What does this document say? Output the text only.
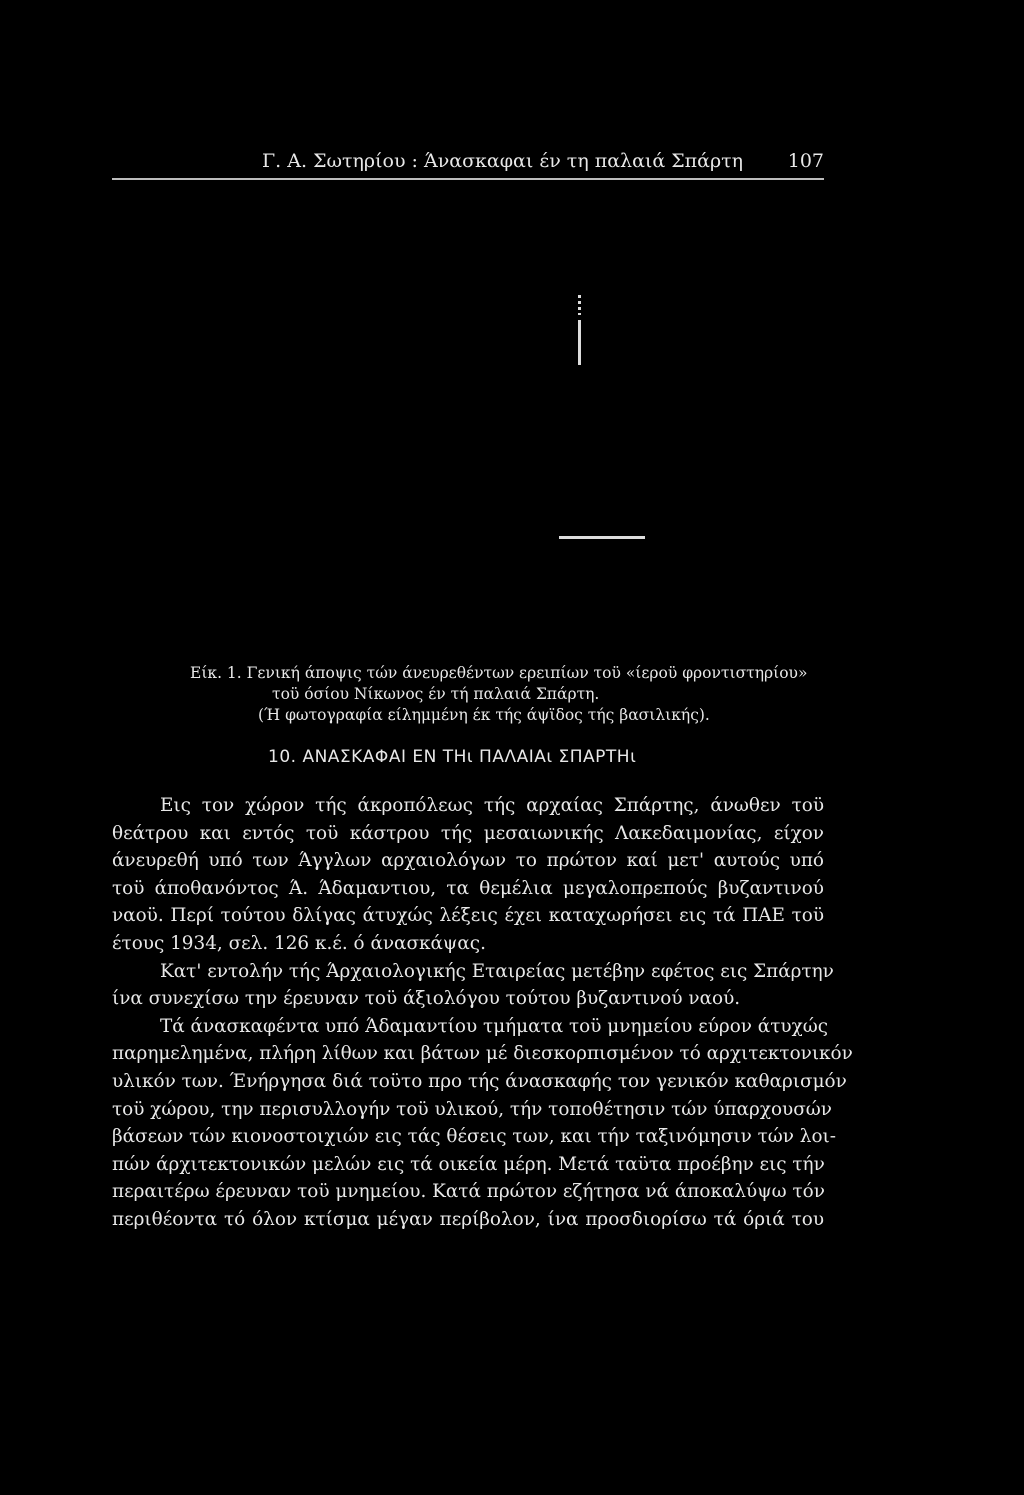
Γ. Α. Σωτηρίου : Άνασκαφαι έν τη παλαιά Σπάρτη 107
Είκ. 1. Γενική άποψις τών άνευρεθέντων ερειπίων τοϋ «ίεροϋ φροντιστηρίου»
τοϋ όσίου Νίκωνος έν τή παλαιά Σπάρτη.
(Ή φωτογραφία είλημμένη έκ τής άψϊδος τής βασιλικής).
10. ΑΝΑΣΚΑΦΑΙ ΕΝ ΤΗι ΠΑΛΑΙΑι ΣΠΑΡΤΗι
Εις τον χώρον τής άκροπόλεως τής αρχαίας Σπάρτης, άνωθεν τοϋ
θεάτρου και εντός τοϋ κάστρου τής μεσαιωνικής Λακεδαιμονίας, είχον
άνευρεθή υπό των Άγγλων αρχαιολόγων το πρώτον καί μετ' αυτούς υπό
τοϋ άποθανόντος Ά. Άδαμαντιου, τα θεμέλια μεγαλοπρεπούς βυζαντινού
ναοϋ. Περί τούτου δλίγας άτυχώς λέξεις έχει καταχωρήσει εις τά ΠΑΕ τοϋ
έτους 1934, σελ. 126 κ.έ. ό άνασκάψας.
Κατ' εντολήν τής Άρχαιολογικής Εταιρείας μετέβην εφέτος εις Σπάρτην
ίνα συνεχίσω την έρευναν τοϋ άξιολόγου τούτου βυζαντινού ναού.
Τά άνασκαφέντα υπό Άδαμαντίου τμήματα τοϋ μνημείου εύρον άτυχώς
παρημελημένα, πλήρη λίθων και βάτων μέ διεσκορπισμένον τό αρχιτεκτονικόν
υλικόν των. Ένήργησα διά τοϋτο προ τής άνασκαφής τον γενικόν καθαρισμόν
τοϋ χώρου, την περισυλλογήν τοϋ υλικού, τήν τοποθέτησιν τών ύπαρχουσών
βάσεων τών κιονοστοιχιών εις τάς θέσεις των, και τήν ταξινόμησιν τών λοι-
πών άρχιτεκτονικών μελών εις τά οικεία μέρη. Μετά ταϋτα προέβην εις τήν
περαιτέρω έρευναν τοϋ μνημείου. Κατά πρώτον εζήτησα νά άποκαλύψω τόν
περιθέοντα τό όλον κτίσμα μέγαν περίβολον, ίνα προσδιορίσω τά όριά του
